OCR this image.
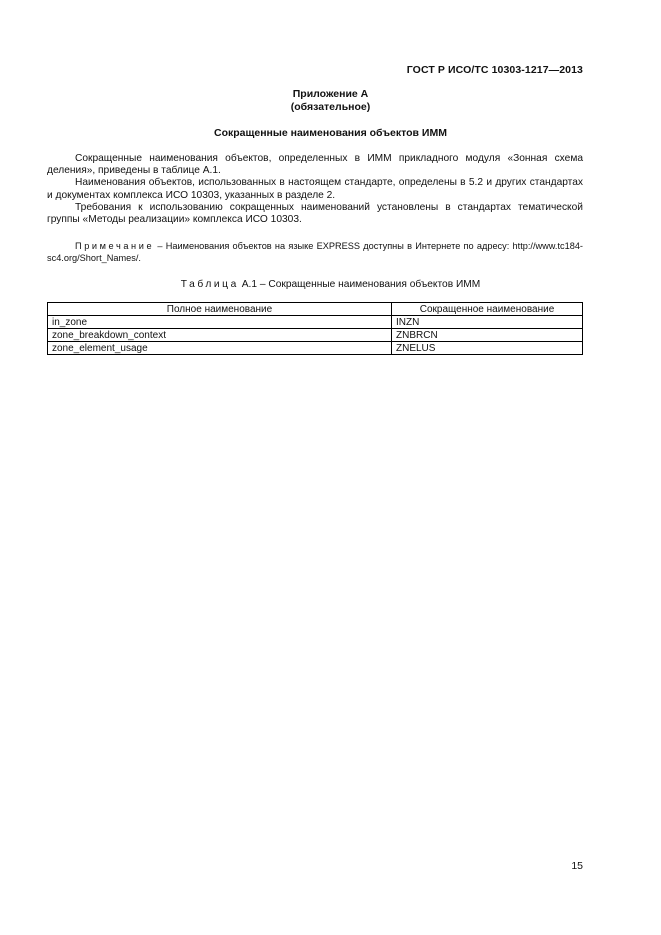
ГОСТ Р ИСО/ТС 10303-1217—2013
Приложение А
(обязательное)
Сокращенные наименования объектов ИММ

Сокращенные наименования объектов, определенных в ИММ прикладного модуля «Зонная схема деления», приведены в таблице А.1.

Наименования объектов, использованных в настоящем стандарте, определены в 5.2 и других стандартах и документах комплекса ИСО 10303, указанных в разделе 2.

Требования к использованию сокращенных наименований установлены в стандартах тематической группы «Методы реализации» комплекса ИСО 10303.

Примечание – Наименования объектов на языке EXPRESS доступны в Интернете по адресу: http://www.tc184-sc4.org/Short_Names/.
Таблица А.1 – Сокращенные наименования объектов ИММ
Полное наименование	Сокращенное наименование
in_zone	INZN
zone_breakdown_context	ZNBRCN
zone_element_usage	ZNELUS
15
